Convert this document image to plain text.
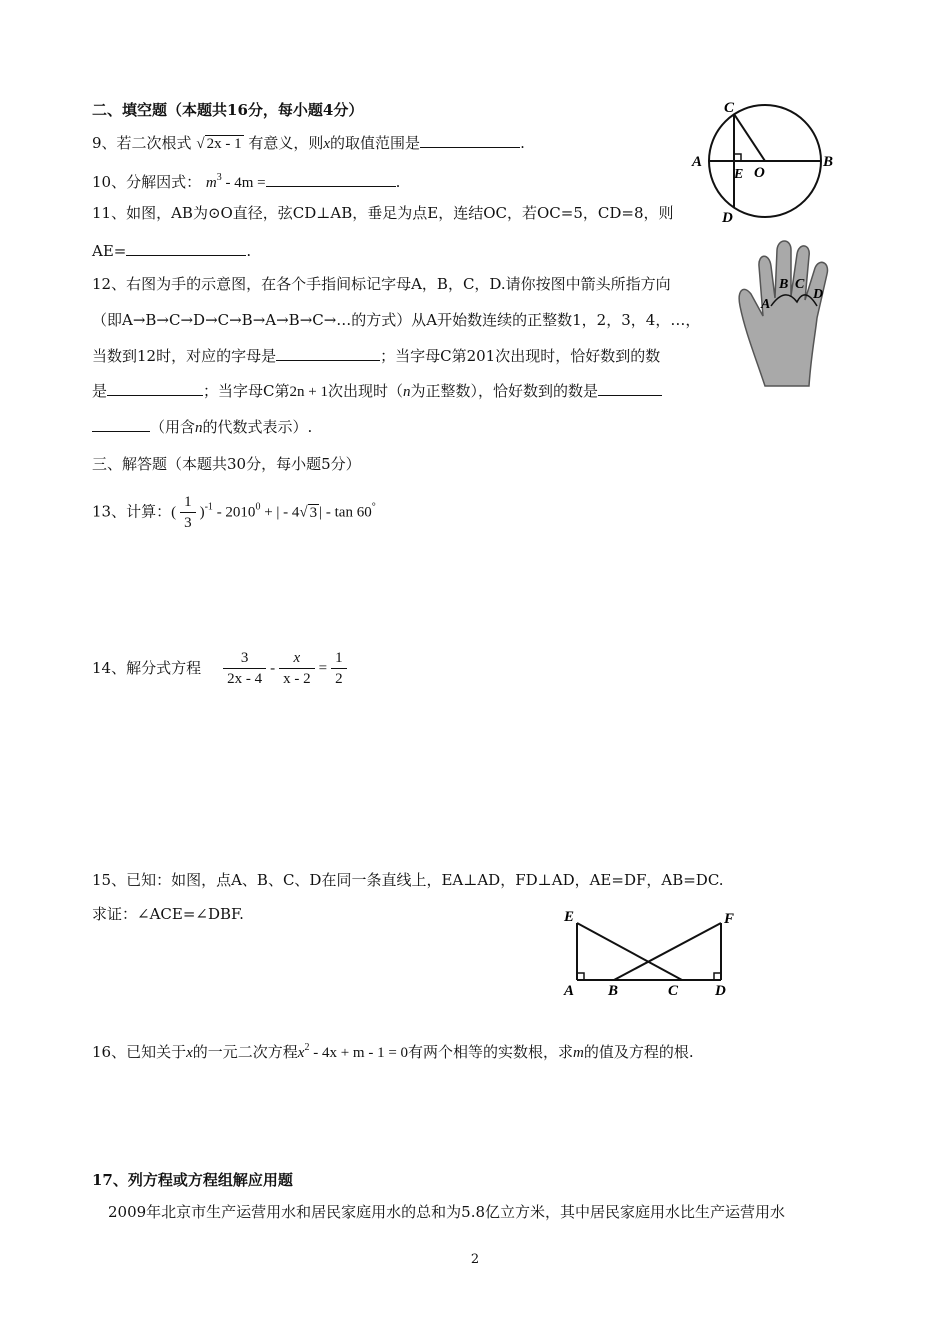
二、填空题（本题共16分，每小题4分）
9、若二次根式 √ 2x - 1 有意义，则x的取值范围是	.
10、分解因式： $m^3 - 4m$ =	.
11、如图，AB为⊙O直径，弦CD⊥AB，垂足为点E，连结OC，若OC=5，CD=8，则
AE=	.
12、右图为手的示意图，在各个手指间标记字母A，B，C，D.请你按图中箭头所指方向
（即A→B→C→D→C→B→A→B→C→…的方式）从A开始数连续的正整数1，2，3，4，…，
当数到12时，对应的字母是	；当字母C第201次出现时，恰好数到的数
是	；当字母C第2n + 1次出现时（n为正整数），恰好数到的数是
（用含n的代数式表示）.
三、解答题（本题共30分，每小题5分）
13、计算：( $\frac{1}{3} )^{-1} - 2010^0$ + | - 4√ 3 | - tan 60°
14、解分式方程 $\frac{3}{2x - 4} - \frac{x}{x - 2} = \frac{1}{2}$
15、已知：如图，点A、B、C、D在同一条直线上，EA⊥AD，FD⊥AD，AE=DF，AB=DC.
求证：∠ACE=∠DBF.
16、已知关于x的一元二次方程$x^2 - 4x + m - 1 = 0$有两个相等的实数根，求m的值及方程的根.
17、列方程或方程组解应用题
2009年北京市生产运营用水和居民家庭用水的总和为5.8亿立方米，其中居民家庭用水比生产运营用水
C
A
E O
B
D
A
B C
D
E	F
A B	C D
2
